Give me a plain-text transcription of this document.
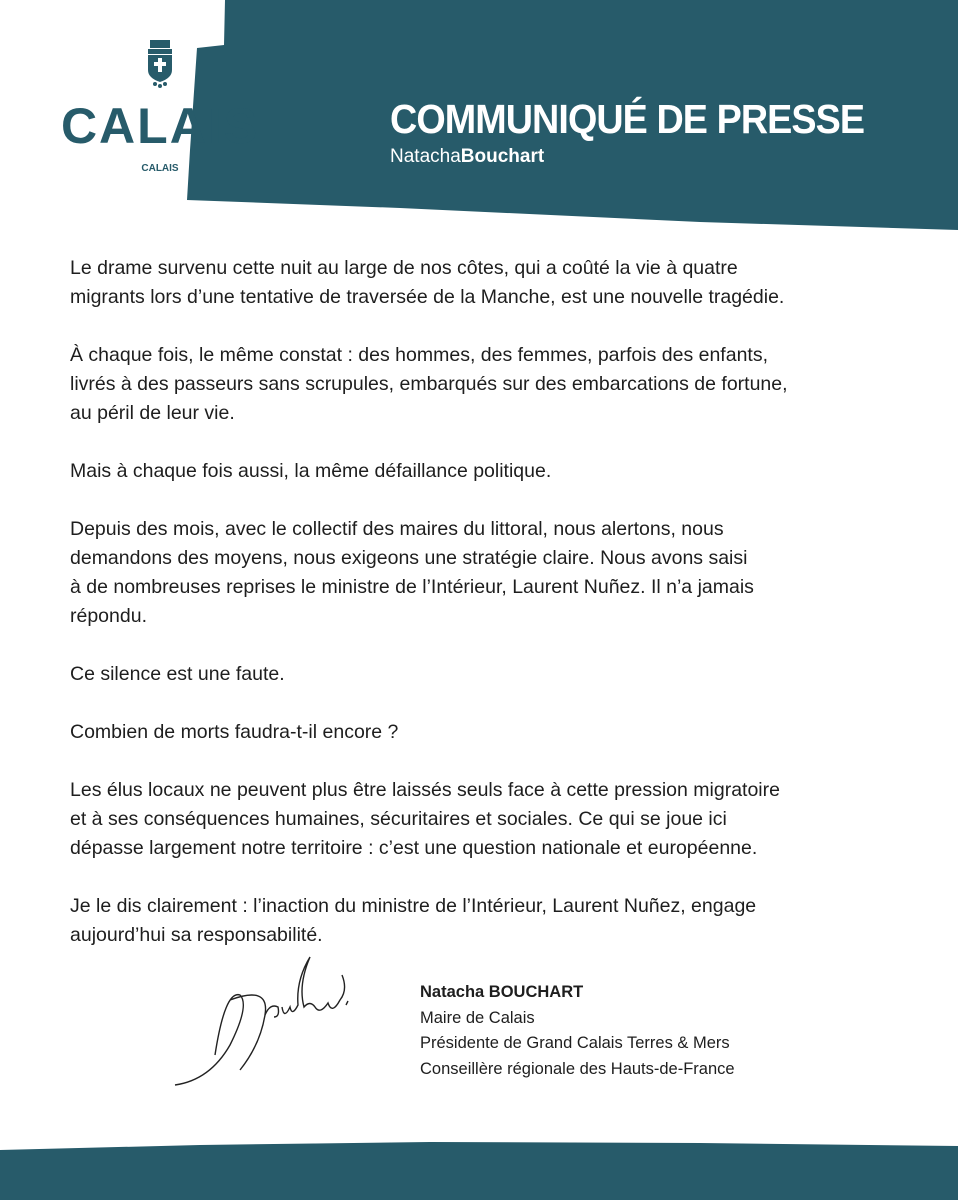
CALAIS
CALAIS
COMMUNIQUÉ DE PRESSE
NatachaBouchart

Le drame survenu cette nuit au large de nos côtes, qui a coûté la vie à quatre
migrants lors d’une tentative de traversée de la Manche, est une nouvelle tragédie.

À chaque fois, le même constat : des hommes, des femmes, parfois des enfants,
livrés à des passeurs sans scrupules, embarqués sur des embarcations de fortune,
au péril de leur vie.

Mais à chaque fois aussi, la même défaillance politique.

Depuis des mois, avec le collectif des maires du littoral, nous alertons, nous
demandons des moyens, nous exigeons une stratégie claire. Nous avons saisi
à de nombreuses reprises le ministre de l’Intérieur, Laurent Nuñez. Il n’a jamais
répondu.

Ce silence est une faute.

Combien de morts faudra-t-il encore ?

Les élus locaux ne peuvent plus être laissés seuls face à cette pression migratoire
et à ses conséquences humaines, sécuritaires et sociales. Ce qui se joue ici
dépasse largement notre territoire : c’est une question nationale et européenne.

Je le dis clairement : l’inaction du ministre de l’Intérieur, Laurent Nuñez, engage
aujourd’hui sa responsabilité.

Natacha BOUCHART
Maire de Calais
Présidente de Grand Calais Terres & Mers
Conseillère régionale des Hauts-de-France
